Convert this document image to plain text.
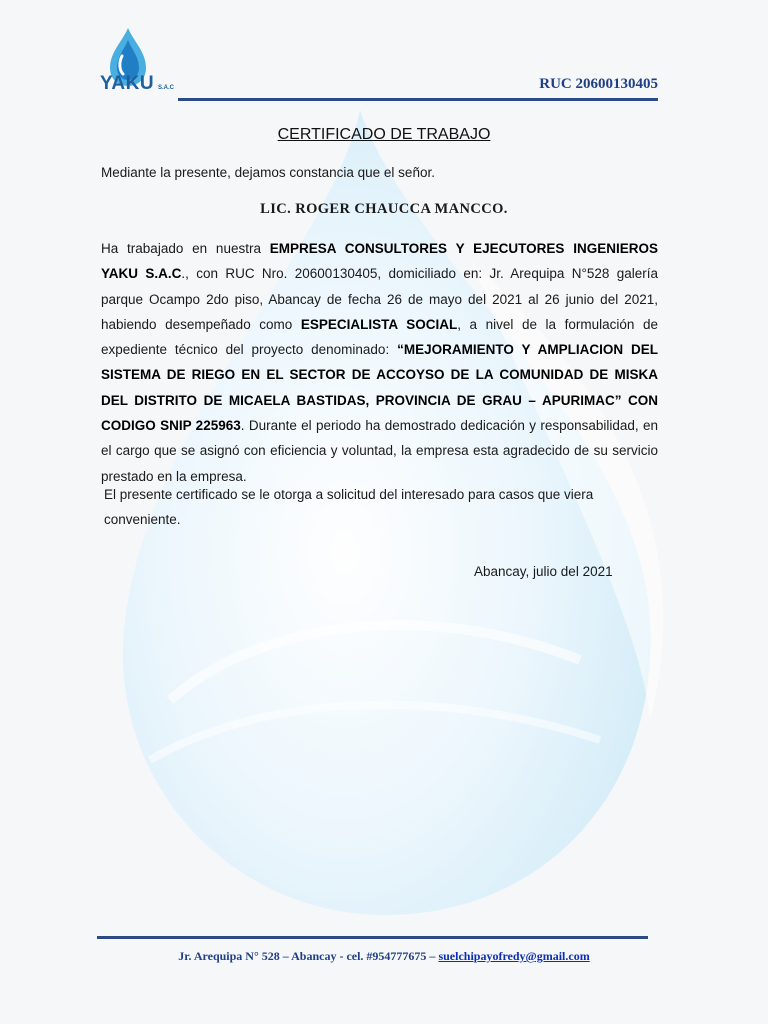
YAKU S.A.C	RUC 20600130405
CERTIFICADO DE TRABAJO
Mediante la presente, dejamos constancia que el señor.
LIC. ROGER CHAUCCA MANCCO.
Ha trabajado en nuestra EMPRESA CONSULTORES Y EJECUTORES INGENIEROS YAKU S.A.C., con RUC Nro. 20600130405, domiciliado en: Jr. Arequipa N°528 galería parque Ocampo 2do piso, Abancay de fecha 26 de mayo del 2021 al 26 junio del 2021, habiendo desempeñado como ESPECIALISTA SOCIAL, a nivel de la formulación de expediente técnico del proyecto denominado: “MEJORAMIENTO Y AMPLIACION DEL SISTEMA DE RIEGO EN EL SECTOR DE ACCOYSO DE LA COMUNIDAD DE MISKA DEL DISTRITO DE MICAELA BASTIDAS, PROVINCIA DE GRAU – APURIMAC” CON CODIGO SNIP 225963. Durante el periodo ha demostrado dedicación y responsabilidad, en el cargo que se asignó con eficiencia y voluntad, la empresa esta agradecido de su servicio prestado en la empresa.
El presente certificado se le otorga a solicitud del interesado para casos que viera conveniente.
Abancay, julio del 2021
Jr. Arequipa N° 528 – Abancay - cel. #954777675 – suelchipayofredy@gmail.com
